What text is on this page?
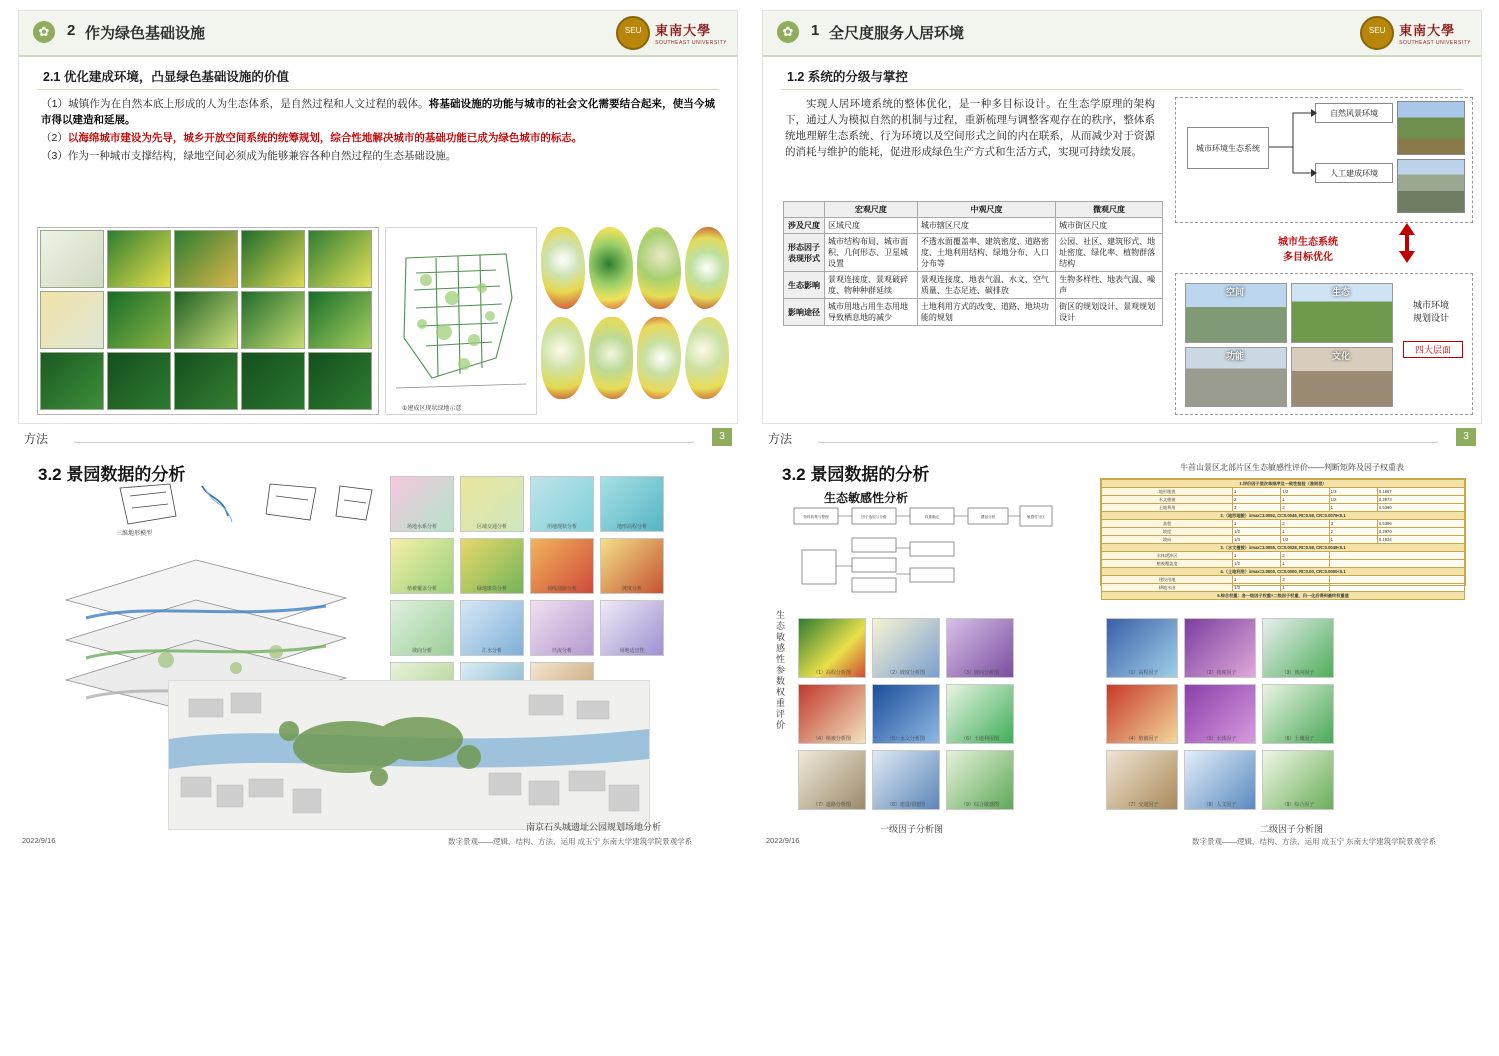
✿	2 作为绿色基础设施	SEU	東南大學
SOUTHEAST UNIVERSITY
2.1 优化建成环境，凸显绿色基础设施的价值
（1）城镇作为在自然本底上形成的人为生态体系，是自然过程和人文过程的载体。将基础设施的功能与城市的社会文化需要结合起来，使当今城市得以建造和延展。
（2）以海绵城市建设为先导，城乡开放空间系统的统筹规划，综合性地解决城市的基础功能已成为绿色城市的标志。
（3）作为一种城市支撑结构，绿地空间必须成为能够兼容各种自然过程的生态基础设施。
①建成区现状绿地示意
✿	1 全尺度服务人居环境	SEU	東南大學
SOUTHEAST UNIVERSITY
1.2 系统的分级与掌控
实现人居环境系统的整体优化，是一种多目标设计。在生态学原理的架构下，通过人为模拟自然的机制与过程，重新梳理与调整客观存在的秩序，整体系统地理解生态系统、行为环境以及空间形式之间的内在联系，从而减少对于资源的消耗与维护的能耗，促进形成绿色生产方式和生活方式，实现可持续发展。
	宏观尺度	中观尺度	微观尺度
涉及尺度	区域尺度	城市辖区尺度	城市街区尺度
形态因子表现形式	城市结构布局、城市面积、几何形态、卫星城设置	不透水面覆盖率、建筑密度、道路密度、土地利用结构、绿地分布、人口分布等	公园、社区、建筑形式、地址密度、绿化率、植物群落结构
生态影响	景观连接度、景观破碎度、物种种群延续	景观连接度、地表气温、水文、空气质量、生态足迹、碳排放	生物多样性、地表气温、噪声
影响途径	城市用地占用生态用地导致栖息地的减少	土地利用方式的改变、道路、地块功能的规划	街区的规划设计、景观规划设计
城市环境生态系统
自然风景环境
人工建成环境
城市生态系统
多目标优化
空间	生态
功能	文化
城市环境
规划设计
四大层面
方法	3
3.2 景园数据的分析
三维地形模型
场地水系分析	区域交通分析	用地现状分析	地形高程分析
植被覆盖分析	绿地斑块分析	视线通廊分析	坡度分析
坡向分析	汇水分析	径流分析	用地适宜性
南京石头城遗址公园规划场地分析
2022/9/16	数字景观——逻辑、结构、方法、运用 成玉宁 东南大学建筑学院景观学系
方法	3
3.2 景园数据的分析
生态敏感性分析
生态敏感性参数权重评价
资料收集与整理	因子选取与分级	权重确定	叠加分析	敏感性分区
1.评价因子层次单排序及一致性检验（准则层）				
地形地貌	1	1/2	1/3	0.1667
水文植被	2	1	1/2	0.2973
土地利用	3	2	1	0.5360
2.（地形地貌）λmax=3.0092, CI=0.0046, RI=0.58, CR=0.0079<0.1				
高程	1	2	3	0.5396
坡度	1/2	1	2	0.2970
坡向	1/3	1/2	1	0.1634
3.（水文植被）λmax=3.0055, CI=0.0028, RI=0.58, CR=0.0048<0.1				
水体缓冲区	1	2		
植被覆盖度	1/2	1		
4.（土地利用）λmax=2.0000, CI=0.0000, RI=0.00, CR=0.0000<0.1				
建设用地	1	3		
耕地水田	1/3	1		
5.综合权重：各一级因子权重×二级因子权重，归一化后得到最终权重值				
牛首山景区北部片区生态敏感性评价——判断矩阵及因子权重表
（1）高程分析图	（2）坡度分析图	（3）坡向分析图
（4）植被分析图	（5）水文分析图	（6）土地利用图
（7）道路分析图	（8）建设用地图	（9）综合敏感图
一级因子分析图
（1）高程因子	（2）坡度因子	（3）坡向因子
（4）植被因子	（5）水体因子	（6）土壤因子
（7）交通因子	（8）人文因子	（9）综合因子
二级因子分析图
2022/9/16	数字景观——逻辑、结构、方法、运用 成玉宁 东南大学建筑学院景观学系
